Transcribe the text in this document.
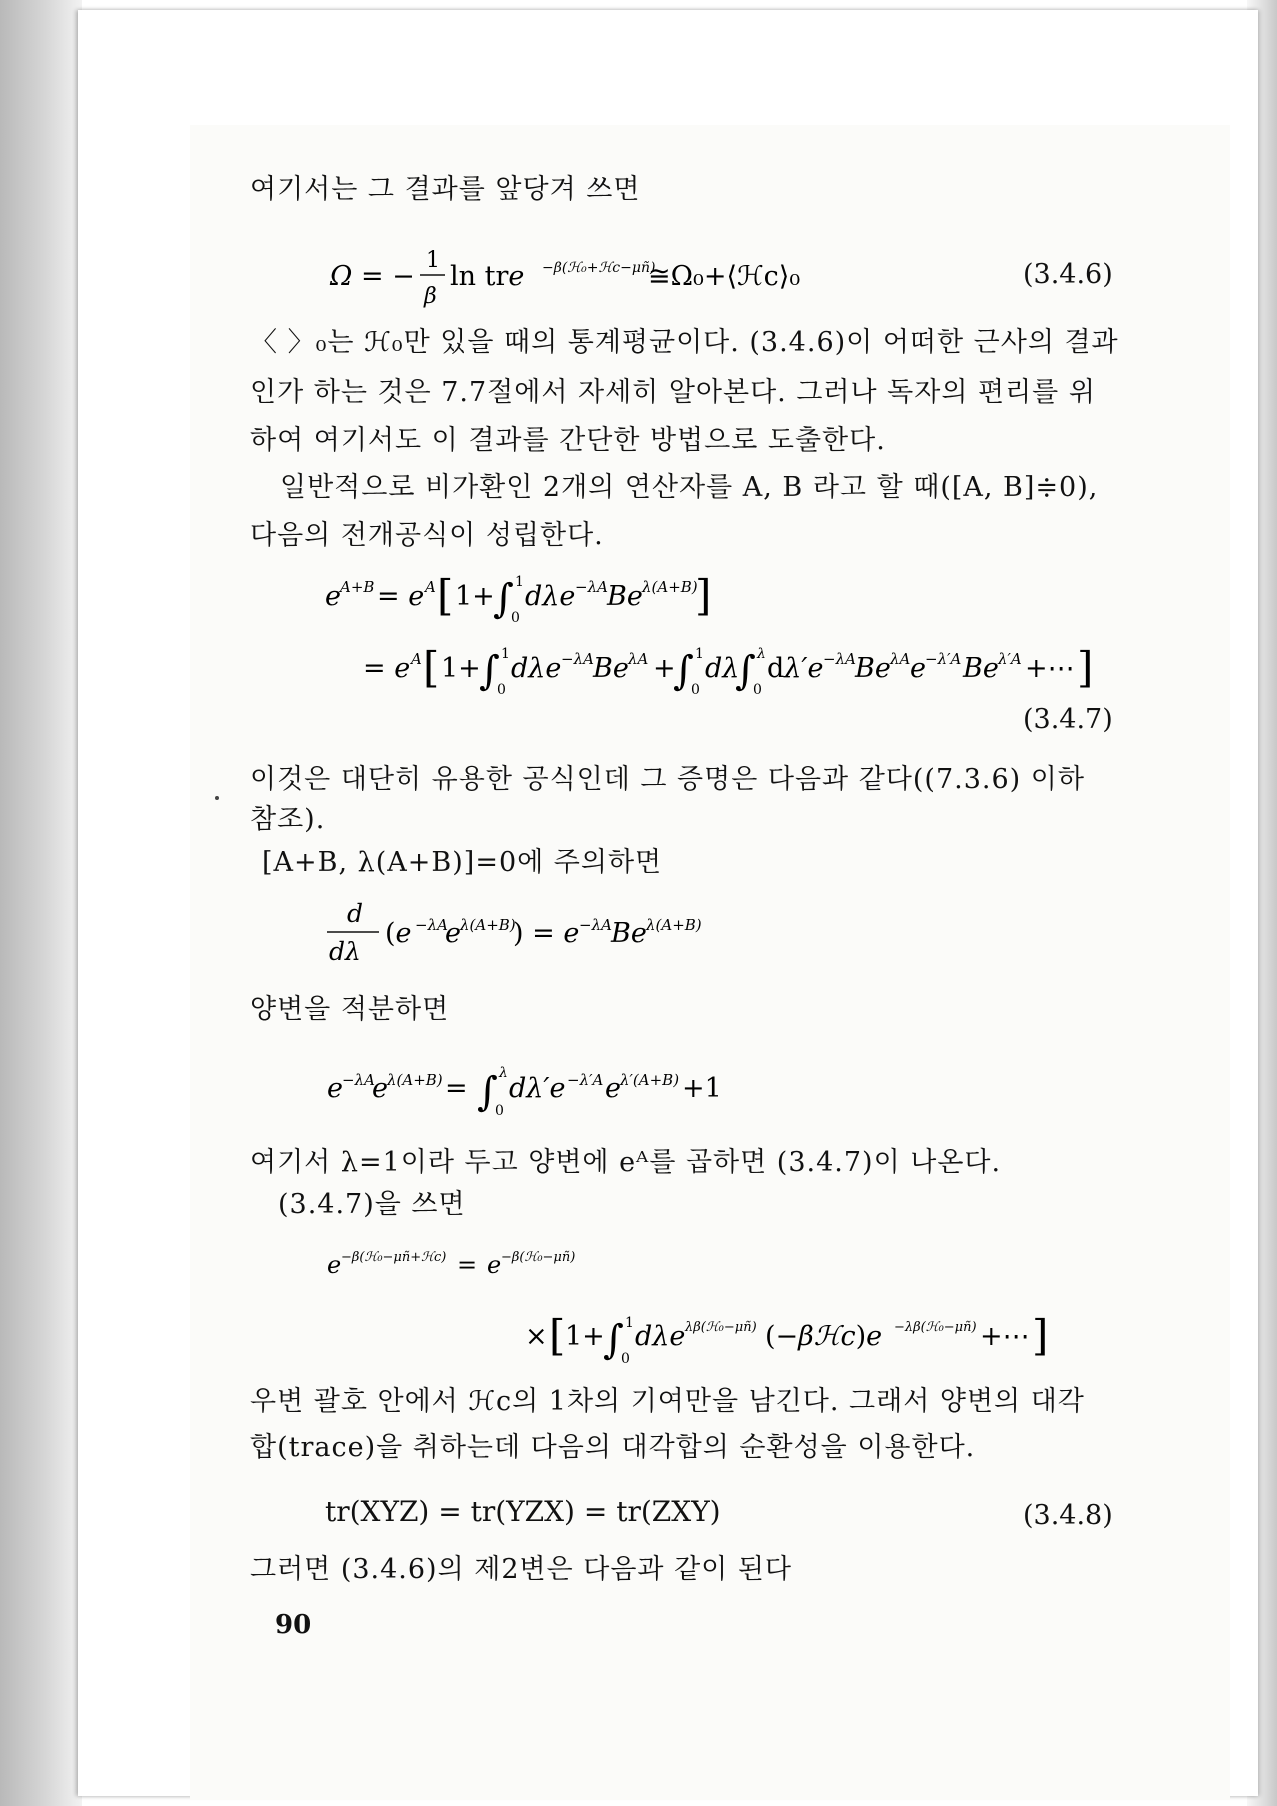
여기서는 그 결과를 앞당겨 쓰면
Ω = −
1
β
ln tre −β(ℋ₀+ℋc−μñ)
≅Ω₀+⟨ℋc⟩₀	(3.4.6)
〈 〉₀는 ℋ₀만 있을 때의 통계평균이다. (3.4.6)이 어떠한 근사의 결과
인가 하는 것은 7.7절에서 자세히 알아본다. 그러나 독자의 편리를 위
하여 여기서도 이 결과를 간단한 방법으로 도출한다.
일반적으로 비가환인 2개의 연산자를 A, B 라고 할 때([A, B]≑0),
다음의 전개공식이 성립한다.
e A+B = e A [ 1+
∫ 1
0
dλe −λA Be λ(A+B)
]
= e A [ 1+
∫ 1
0
dλe −λA Be λA +
∫ 1
0
dλ
∫ λ
0
dλ′e −λA Be λA e −λ′A Be λ′A +⋯ ]
(3.4.7)
이것은 대단히 유용한 공식인데 그 증명은 다음과 같다((7.3.6) 이하
참조).
[A+B, λ(A+B)]=0에 주의하면
d
dλ
(e −λA
e λ(A+B)
) = e −λA Be λ(A+B)
양변을 적분하면
e −λA
e λ(A+B) = ∫ λ
0
dλ′e −λ′A e λ′(A+B) +1
여기서 λ=1이라 두고 양변에 eᴬ를 곱하면 (3.4.7)이 나온다.
(3.4.7)을 쓰면
e −β(ℋ₀−μñ+ℋc) = e −β(ℋ₀−μñ)
× [ 1+
∫ 1
0
dλe λβ(ℋ₀−μñ) (−βℋc)e −λβ(ℋ₀−μñ) +⋯ ]
우변 괄호 안에서 ℋc의 1차의 기여만을 남긴다. 그래서 양변의 대각
합(trace)을 취하는데 다음의 대각합의 순환성을 이용한다.
tr(XYZ) = tr(YZX) = tr(ZXY)	(3.4.8)
그러면 (3.4.6)의 제2변은 다음과 같이 된다
90
